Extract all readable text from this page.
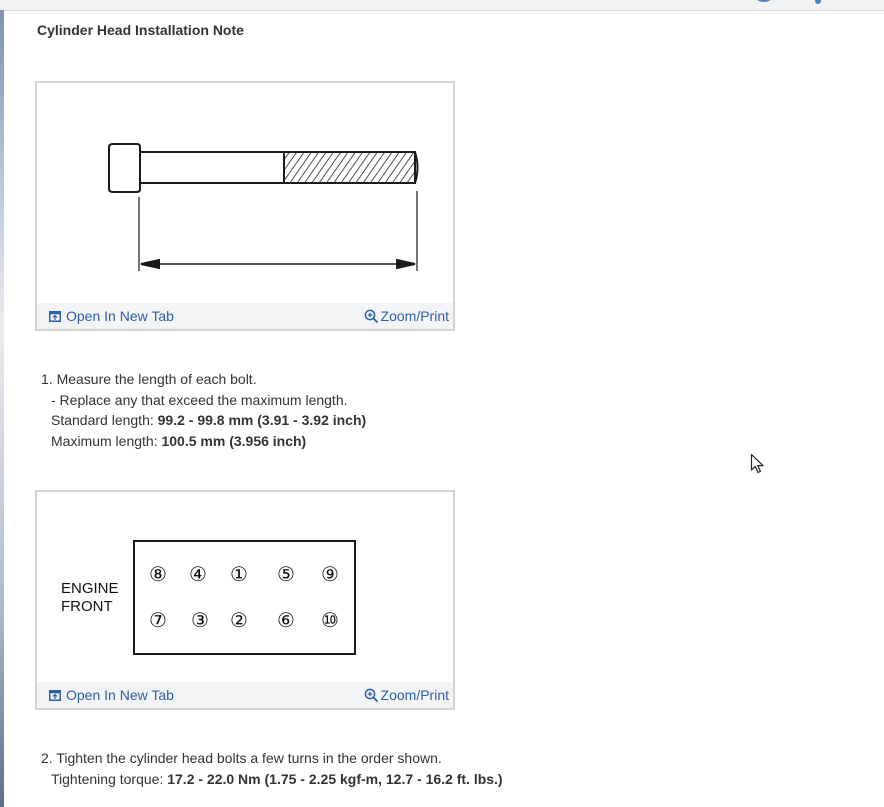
Cylinder Head Installation Note
Open In New Tab	Zoom/Print
1. Measure the length of each bolt.
- Replace any that exceed the maximum length.
Standard length: 99.2 - 99.8 mm (3.91 - 3.92 inch)
Maximum length: 100.5 mm (3.956 inch)
ENGINE
FRONT
⑧ ④ ① ⑤ ⑨
⑦ ③ ② ⑥ ⑩
Open In New Tab	Zoom/Print
2. Tighten the cylinder head bolts a few turns in the order shown.
Tightening torque: 17.2 - 22.0 Nm (1.75 - 2.25 kgf-m, 12.7 - 16.2 ft. lbs.)
